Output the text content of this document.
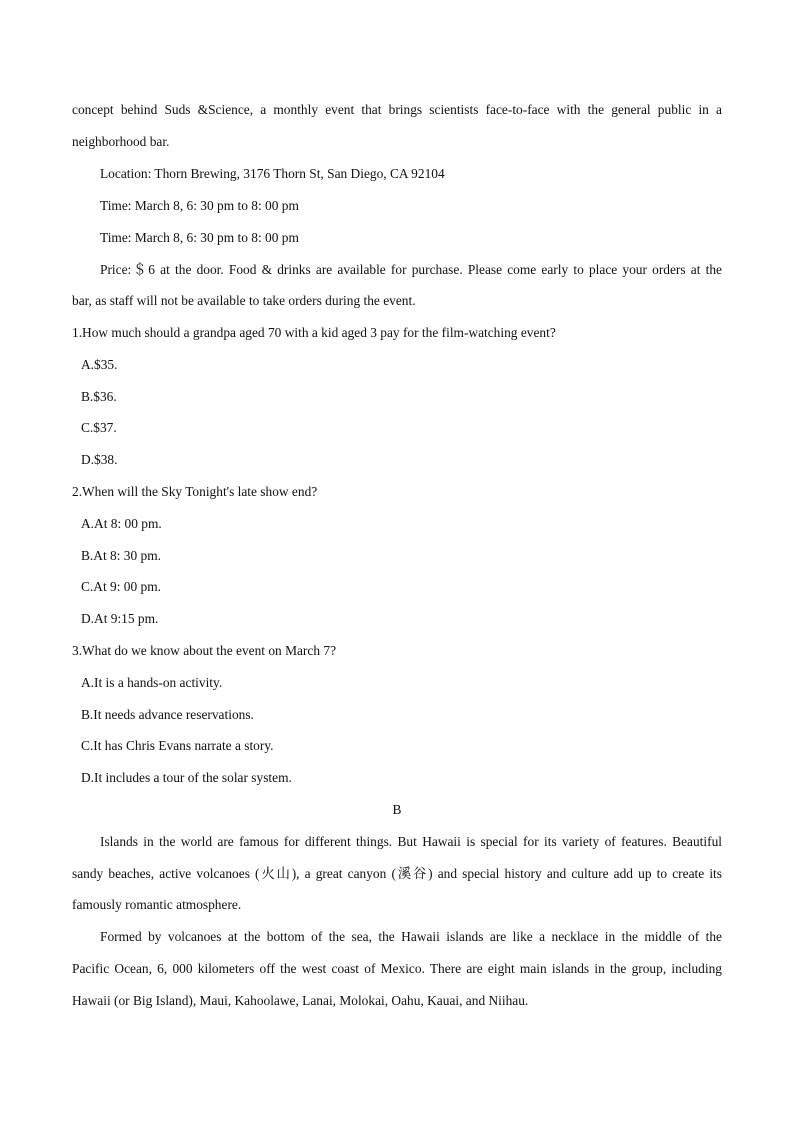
concept behind Suds &Science, a monthly event that brings scientists face-to-face with the general public in a
neighborhood bar.
Location: Thorn Brewing, 3176 Thorn St, San Diego, CA 92104
Time: March 8, 6: 30 pm to 8: 00 pm
Time: March 8, 6: 30 pm to 8: 00 pm
Price:＄6 at the door. Food & drinks are available for purchase. Please come early to place your orders at the
bar, as staff will not be available to take orders during the event.
1.How much should a grandpa aged 70 with a kid aged 3 pay for the film-watching event?
A.$35.
B.$36.
C.$37.
D.$38.
2.When will the Sky Tonight's late show end?
A.At 8: 00 pm.
B.At 8: 30 pm.
C.At 9: 00 pm.
D.At 9:15 pm.
3.What do we know about the event on March 7?
A.It is a hands-on activity.
B.It needs advance reservations.
C.It has Chris Evans narrate a story.
D.It includes a tour of the solar system.
B
Islands in the world are famous for different things. But Hawaii is special for its variety of features. Beautiful
sandy beaches, active volcanoes (火山), a great canyon (溪谷) and special history and culture add up to create its
famously romantic atmosphere.
Formed by volcanoes at the bottom of the sea, the Hawaii islands are like a necklace in the middle of the
Pacific Ocean, 6, 000 kilometers off the west coast of Mexico. There are eight main islands in the group, including
Hawaii (or Big Island), Maui, Kahoolawe, Lanai, Molokai, Oahu, Kauai, and Niihau.
